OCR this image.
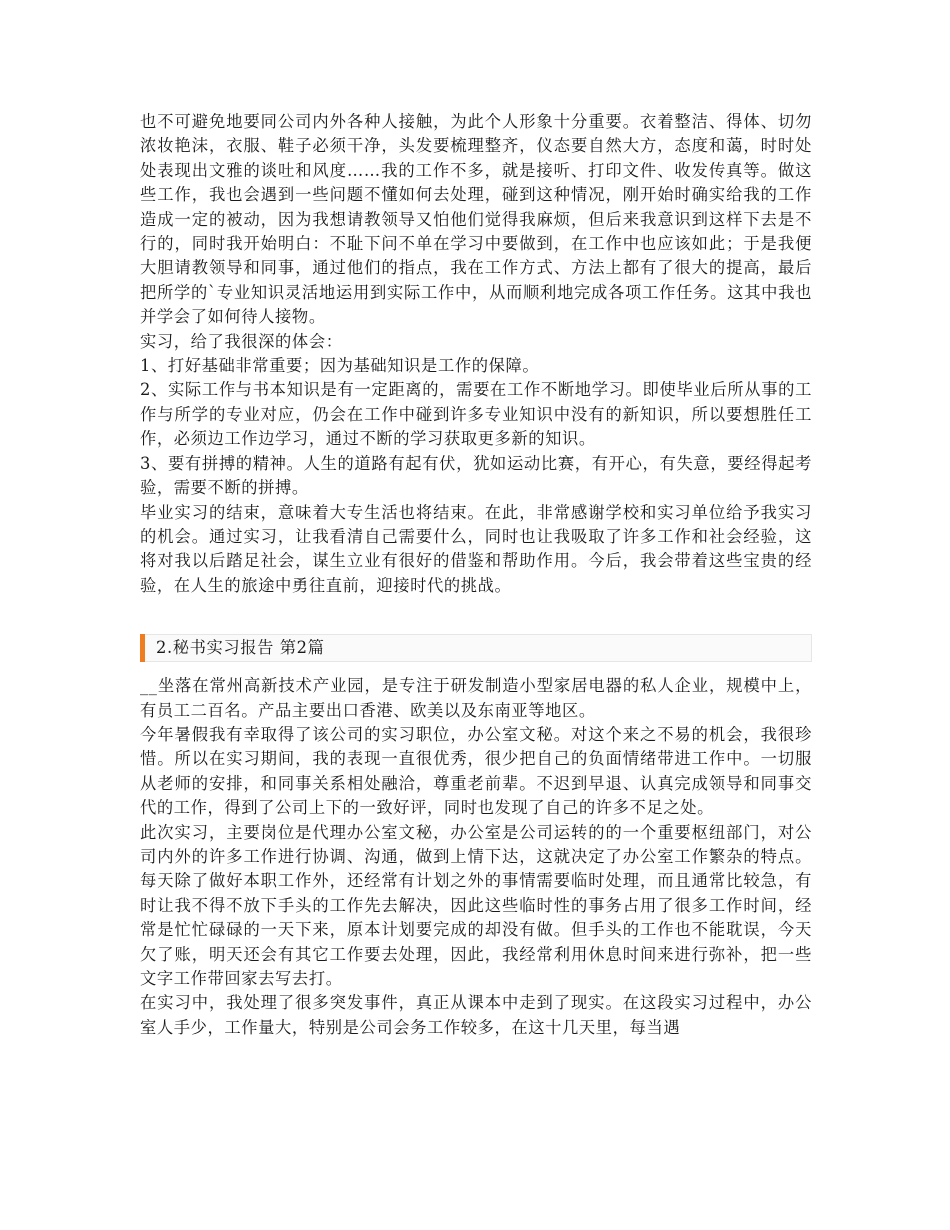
也不可避免地要同公司内外各种人接触，为此个人形象十分重要。衣着整洁、得体、切勿浓妆艳沫，衣服、鞋子必须干净，头发要梳理整齐，仪态要自然大方，态度和蔼，时时处处表现出文雅的谈吐和风度……我的工作不多，就是接听、打印文件、收发传真等。做这些工作，我也会遇到一些问题不懂如何去处理，碰到这种情况，刚开始时确实给我的工作造成一定的被动，因为我想请教领导又怕他们觉得我麻烦，但后来我意识到这样下去是不行的，同时我开始明白：不耻下问不单在学习中要做到，在工作中也应该如此；于是我便大胆请教领导和同事，通过他们的指点，我在工作方式、方法上都有了很大的提高，最后把所学的`专业知识灵活地运用到实际工作中，从而顺利地完成各项工作任务。这其中我也并学会了如何待人接物。

实习，给了我很深的体会：

1、打好基础非常重要；因为基础知识是工作的保障。

2、实际工作与书本知识是有一定距离的，需要在工作不断地学习。即使毕业后所从事的工作与所学的专业对应，仍会在工作中碰到许多专业知识中没有的新知识，所以要想胜任工作，必须边工作边学习，通过不断的学习获取更多新的知识。

3、要有拼搏的精神。人生的道路有起有伏，犹如运动比赛，有开心，有失意，要经得起考验，需要不断的拼搏。

毕业实习的结束，意味着大专生活也将结束。在此，非常感谢学校和实习单位给予我实习的机会。通过实习，让我看清自己需要什么，同时也让我吸取了许多工作和社会经验，这将对我以后踏足社会，谋生立业有很好的借鉴和帮助作用。今后，我会带着这些宝贵的经验，在人生的旅途中勇往直前，迎接时代的挑战。

2.秘书实习报告 第2篇

__坐落在常州高新技术产业园，是专注于研发制造小型家居电器的私人企业，规模中上，有员工二百名。产品主要出口香港、欧美以及东南亚等地区。

今年暑假我有幸取得了该公司的实习职位，办公室文秘。对这个来之不易的机会，我很珍惜。所以在实习期间，我的表现一直很优秀，很少把自己的负面情绪带进工作中。一切服从老师的安排，和同事关系相处融洽，尊重老前辈。不迟到早退、认真完成领导和同事交代的工作，得到了公司上下的一致好评，同时也发现了自己的许多不足之处。

此次实习，主要岗位是代理办公室文秘，办公室是公司运转的的一个重要枢纽部门，对公司内外的许多工作进行协调、沟通，做到上情下达，这就决定了办公室工作繁杂的特点。每天除了做好本职工作外，还经常有计划之外的事情需要临时处理，而且通常比较急，有时让我不得不放下手头的工作先去解决，因此这些临时性的事务占用了很多工作时间，经常是忙忙碌碌的一天下来，原本计划要完成的却没有做。但手头的工作也不能耽误，今天欠了账，明天还会有其它工作要去处理，因此，我经常利用休息时间来进行弥补，把一些文字工作带回家去写去打。

在实习中，我处理了很多突发事件，真正从课本中走到了现实。在这段实习过程中，办公室人手少，工作量大，特别是公司会务工作较多，在这十几天里，每当遇
